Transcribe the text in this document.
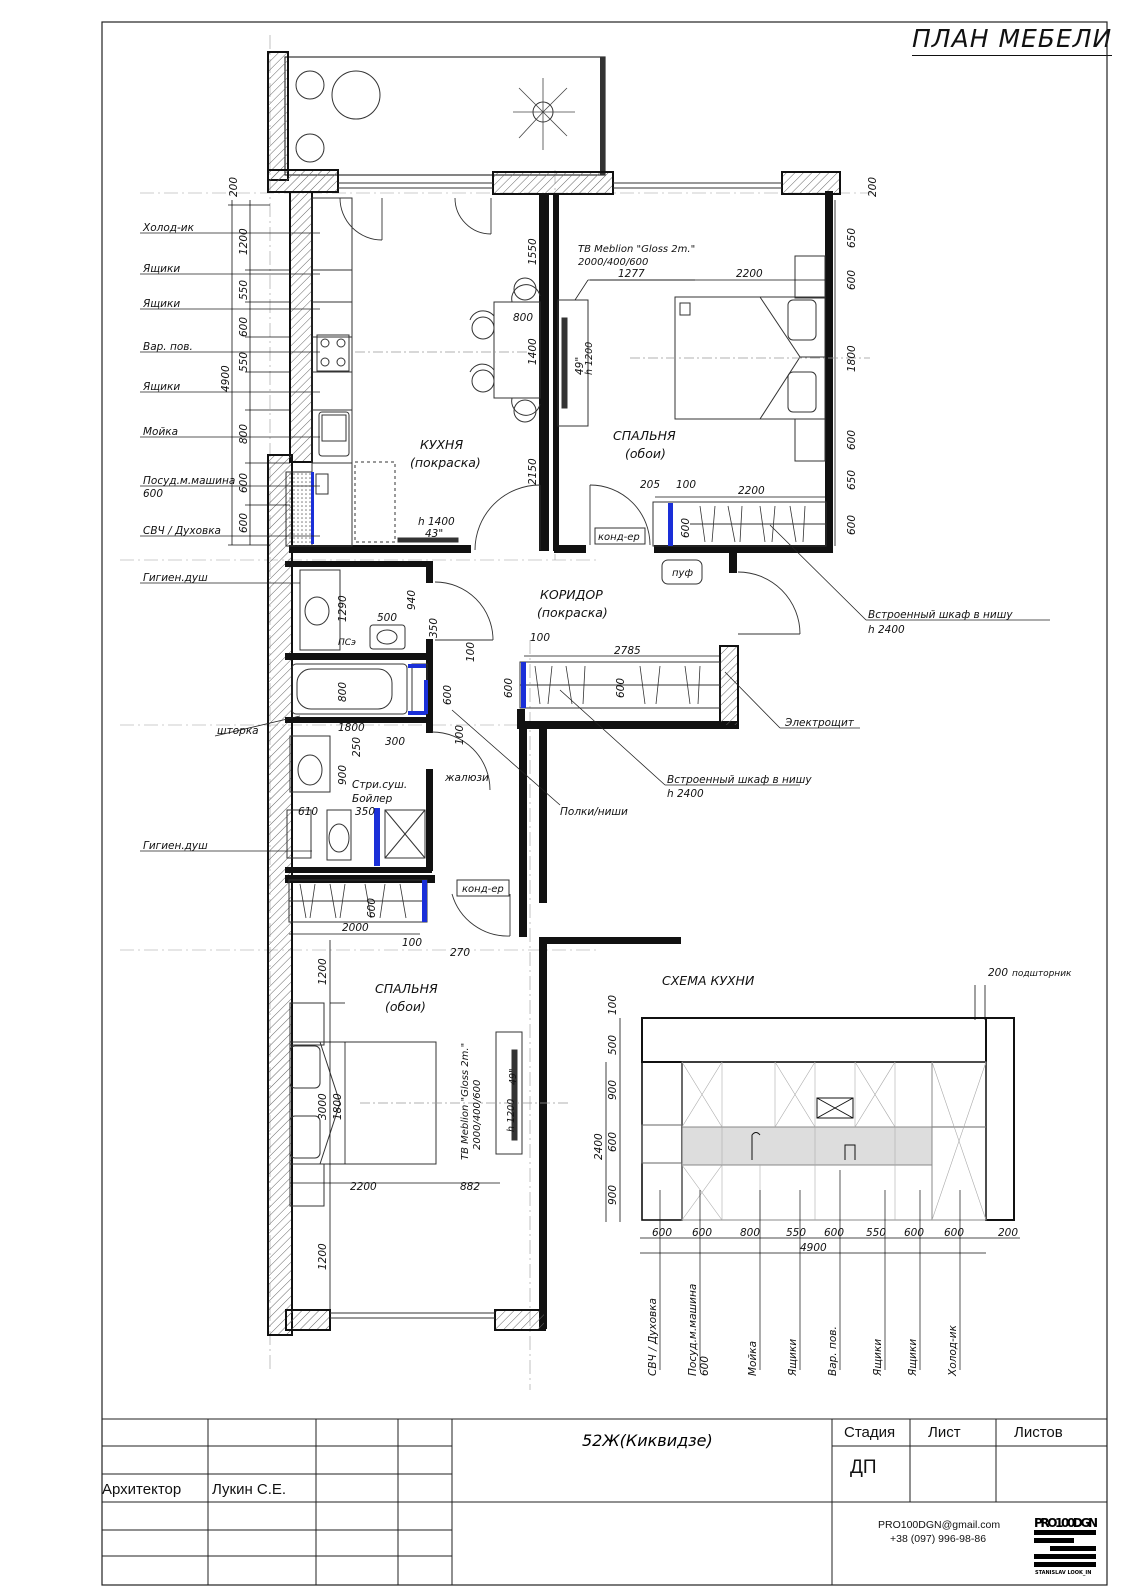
ПЛАН МЕБЕЛИ
Холод-ик
Ящики
Ящики
Вар. пов.
Ящики
Мойка
Посуд.м.машина
600
СВЧ / Духовка
Гигиен.душ
шторка
Гигиен.душ
1200
550
600
550
800
600
600
4900
200	200
1550
800
1400
2150
КУХНЯ
(покраска)
СПАЛЬНЯ
(обои)
КОРИДОР
(покраска)
СПАЛЬНЯ
(обои)
h 1400
43"
ТВ Meblion "Gloss 2m."
2000/400/600
1277
49"
h 1200
2200
650
600
1800
600
650
600
205 100	2200
600
конд-ер
пуф
Встроенный шкаф в нишу
h 2400
1290	940
500	350
ПСэ	100
800	600
1800
250 300	100
900 Стри.суш.
жалюзи
Бойлер
610	350	Полки/ниши
Электрощит
100
2785
600	600
Встроенный шкаф в нишу
h 2400
конд-ер
600
2000
100
270
1200
3000 1800
2200	882
1200
ТВ Meblion "Gloss 2m." 2000/400/600 h 1200
49"
СХЕМА КУХНИ	200 подшторник
100
500
900
600
900
2400
600 600	800 550 600 550 600 600	200
4900
СВЧ / Духовка	Посуд.м.машина 600	Мойка	Ящики	Вар. пов.	Ящики Ящики	Холод-ик
PRO100DGN
STANISLAV LOOK_IN
52Ж(Киквидзе)	Стадия Лист	Листов
ДП
Архитектор Лукин С.Е.
PRO100DGN@gmail.com
+38 (097) 996-98-86
